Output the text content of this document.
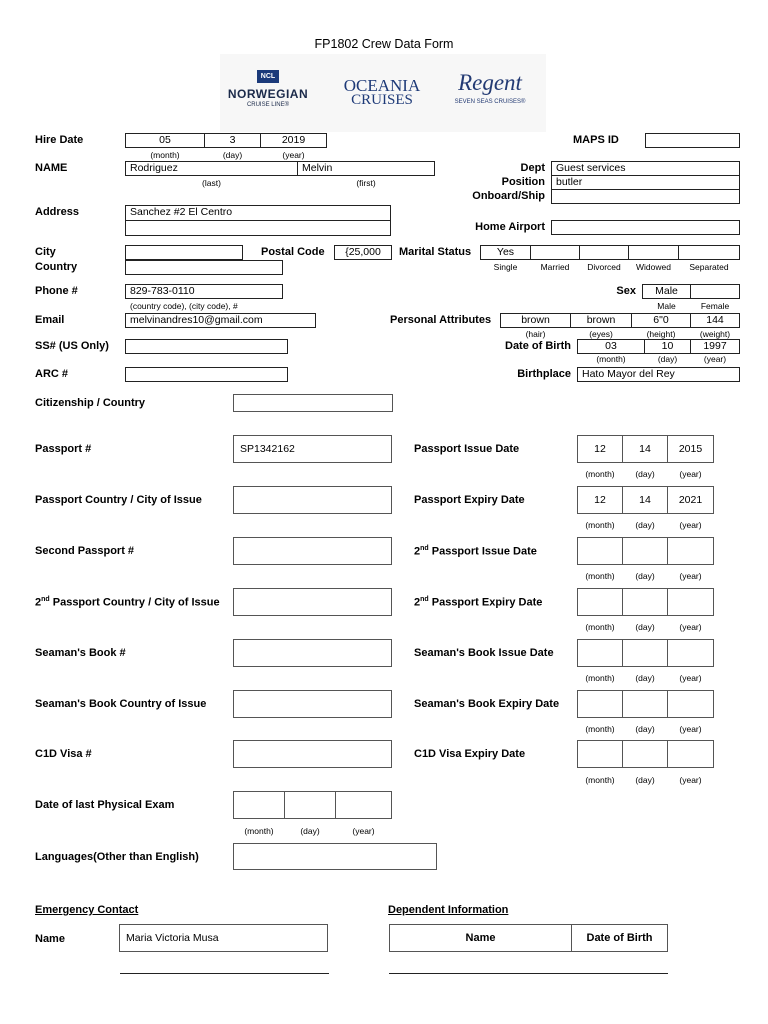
FP1802 Crew Data Form
NCL
NORWEGIAN
CRUISE LINE®
OCEANIA
CRUISES
Regent
SEVEN SEAS CRUISES®
Hire Date	05	3	2019
(month)	(day)	(year)
MAPS ID
NAME	Rodriguez	Melvin
(last)	(first)
Dept	Guest services
Position	butler
Onboard/Ship
Address	Sanchez #2 El Centro
Home Airport
City	Postal Code	{25,000
Country
Marital Status	Yes
Single	Married	Divorced	Widowed	Separated
Phone #	829-783-0110
(country code), (city code), #
Sex	Male
Male	Female
Email	melvinandres10@gmail.com	Personal Attributes	brown	brown	6"0	144
(hair)	(eyes)	(height)	(weight)
SS# (US Only)	Date of Birth	03	10	1997
(month)	(day)	(year)
ARC #	Birthplace	Hato Mayor del Rey
Citizenship / Country
Passport #	SP1342162	Passport Issue Date	12	14	2015
(month)	(day)	(year)
Passport Country / City of Issue	Passport Expiry Date	12	14	2021
(month)	(day)	(year)
Second Passport #	2nd Passport Issue Date
(month)	(day)	(year)
2nd Passport Country / City of Issue	2nd Passport Expiry Date
(month)	(day)	(year)
Seaman's Book #	Seaman's Book Issue Date
(month)	(day)	(year)
Seaman's Book Country of Issue	Seaman's Book Expiry Date
(month)	(day)	(year)
C1D Visa #	C1D Visa Expiry Date
(month)	(day)	(year)
Date of last Physical Exam
(month)	(day)	(year)
Languages(Other than English)
Emergency Contact
Name	Maria Victoria Musa
Dependent Information
Name	Date of Birth
